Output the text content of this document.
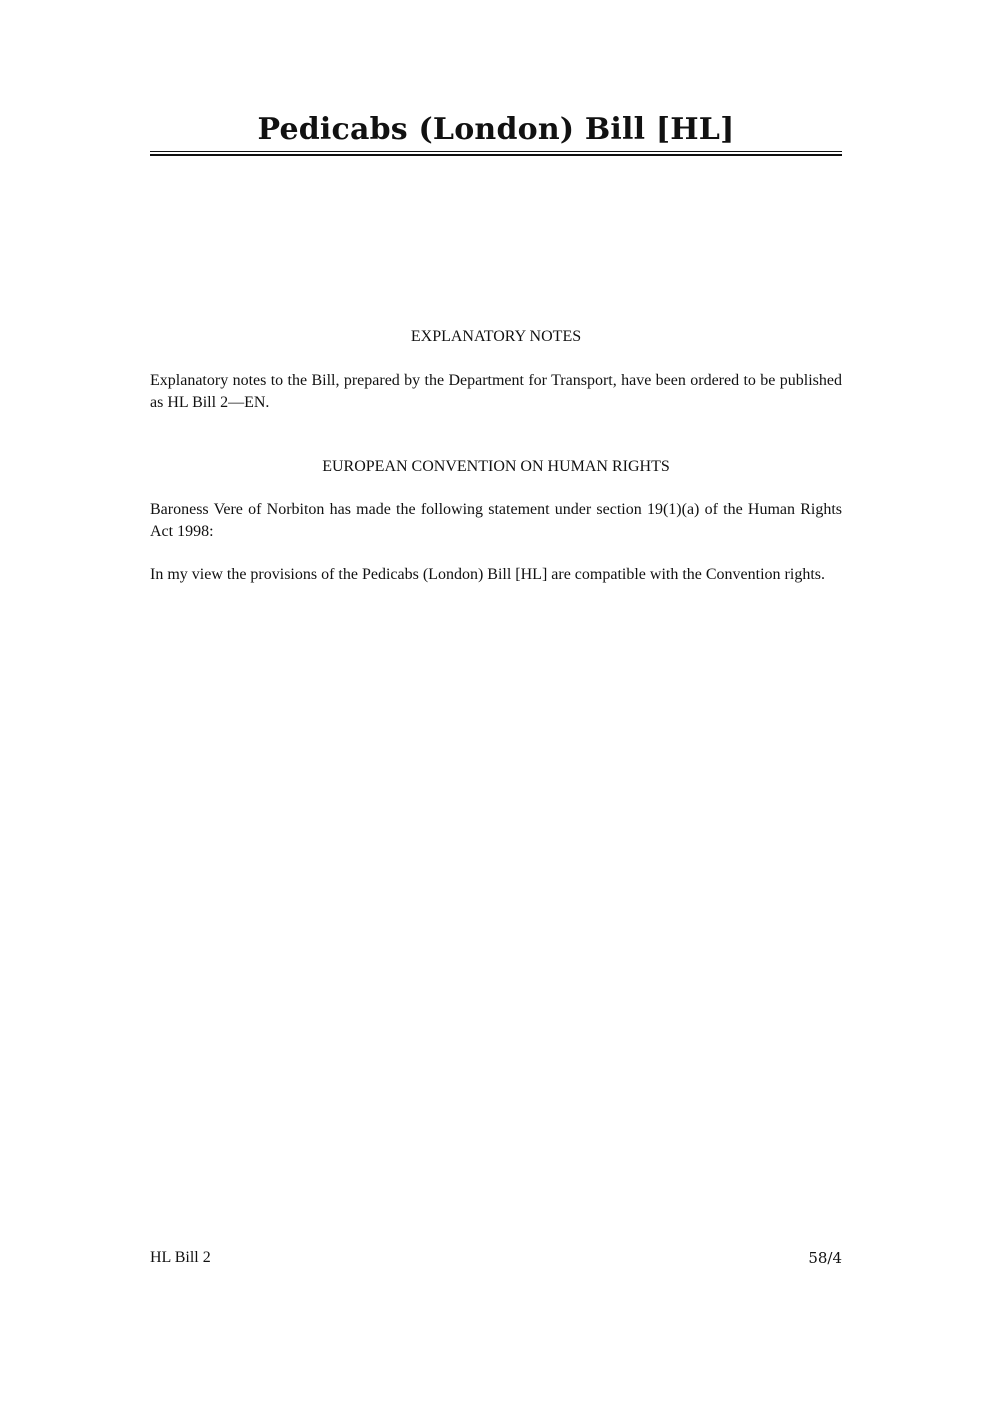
Pedicabs (London) Bill [HL]
EXPLANATORY NOTES

Explanatory notes to the Bill, prepared by the Department for Transport, have been ordered to be published as HL Bill 2—EN.

EUROPEAN CONVENTION ON HUMAN RIGHTS

Baroness Vere of Norbiton has made the following statement under section 19(1)(a) of the Human Rights Act 1998:

In my view the provisions of the Pedicabs (London) Bill [HL] are compatible with the Convention rights.

HL Bill 2	58/4
